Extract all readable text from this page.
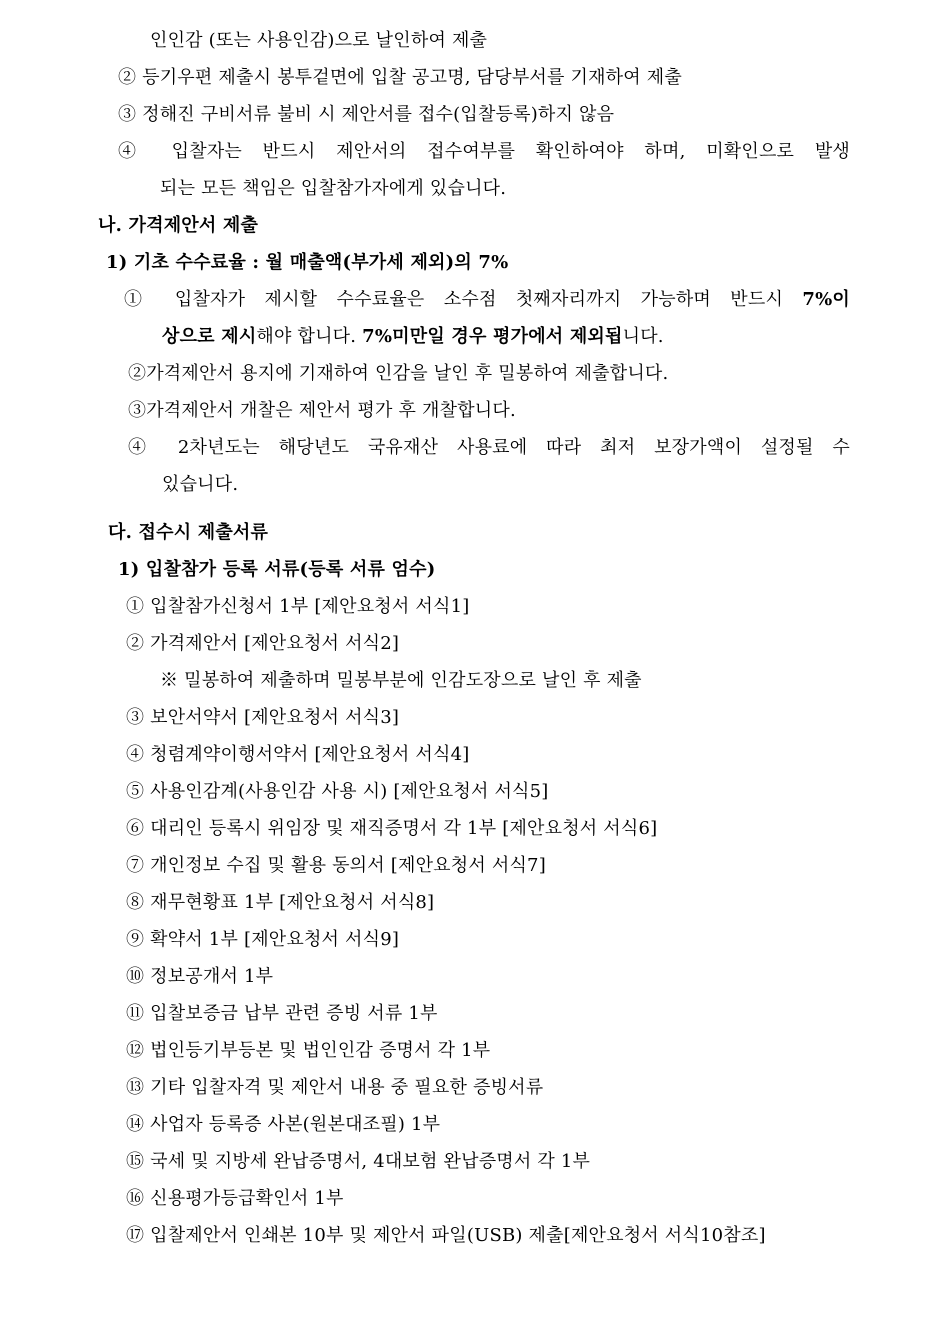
인인감 (또는 사용인감)으로 날인하여 제출
② 등기우편 제출시 봉투겉면에 입찰 공고명, 담당부서를 기재하여 제출
③ 정해진 구비서류 불비 시 제안서를 접수(입찰등록)하지 않음
④ 입찰자는 반드시 제안서의 접수여부를 확인하여야 하며, 미확인으로 발생
되는 모든 책임은 입찰참가자에게 있습니다.
나. 가격제안서 제출
1) 기초 수수료율 : 월 매출액(부가세 제외)의 7%
① 입찰자가 제시할 수수료율은 소수점 첫째자리까지 가능하며 반드시 7%이
상으로 제시해야 합니다. 7%미만일 경우 평가에서 제외됩니다.
②가격제안서 용지에 기재하여 인감을 날인 후 밀봉하여 제출합니다.
③가격제안서 개찰은 제안서 평가 후 개찰합니다.
④ 2차년도는 해당년도 국유재산 사용료에 따라 최저 보장가액이 설정될 수
있습니다.
다. 접수시 제출서류
1) 입찰참가 등록 서류(등록 서류 엄수)
① 입찰참가신청서 1부 [제안요청서 서식1]
② 가격제안서 [제안요청서 서식2]
※ 밀봉하여 제출하며 밀봉부분에 인감도장으로 날인 후 제출
③ 보안서약서 [제안요청서 서식3]
④ 청렴계약이행서약서 [제안요청서 서식4]
⑤ 사용인감계(사용인감 사용 시) [제안요청서 서식5]
⑥ 대리인 등록시 위임장 및 재직증명서 각 1부 [제안요청서 서식6]
⑦ 개인정보 수집 및 활용 동의서 [제안요청서 서식7]
⑧ 재무현황표 1부 [제안요청서 서식8]
⑨ 확약서 1부 [제안요청서 서식9]
⑩ 정보공개서 1부
⑪ 입찰보증금 납부 관련 증빙 서류 1부
⑫ 법인등기부등본 및 법인인감 증명서 각 1부
⑬ 기타 입찰자격 및 제안서 내용 중 필요한 증빙서류
⑭ 사업자 등록증 사본(원본대조필) 1부
⑮ 국세 및 지방세 완납증명서, 4대보험 완납증명서 각 1부
⑯ 신용평가등급확인서 1부
⑰ 입찰제안서 인쇄본 10부 및 제안서 파일(USB) 제출[제안요청서 서식10참조]
